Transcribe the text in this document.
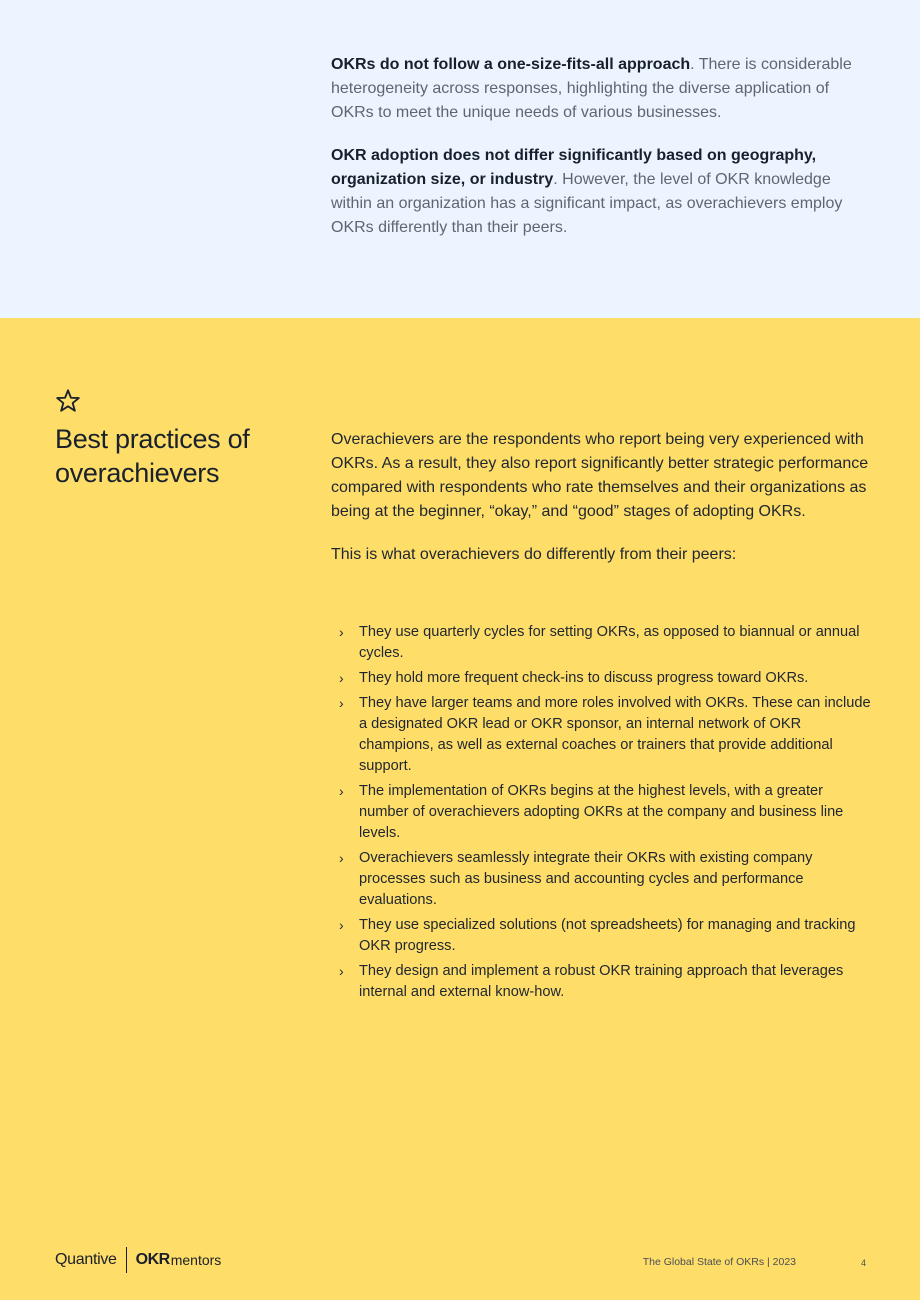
OKRs do not follow a one-size-fits-all approach. There is considerable heterogeneity across responses, highlighting the diverse application of OKRs to meet the unique needs of various businesses.

OKR adoption does not differ significantly based on geography, organization size, or industry. However, the level of OKR knowledge within an organization has a significant impact, as overachievers employ OKRs differently than their peers.

Best practices of overachievers

Overachievers are the respondents who report being very experienced with OKRs. As a result, they also report significantly better strategic performance compared with respondents who rate themselves and their organizations as being at the beginner, “okay,” and “good” stages of adopting OKRs.

This is what overachievers do differently from their peers:

› They use quarterly cycles for setting OKRs, as opposed to biannual or annual cycles.
› They hold more frequent check-ins to discuss progress toward OKRs.
› They have larger teams and more roles involved with OKRs. These can include a designated OKR lead or OKR sponsor, an internal network of OKR champions, as well as external coaches or trainers that provide additional support.
› The implementation of OKRs begins at the highest levels, with a greater number of overachievers adopting OKRs at the company and business line levels.
› Overachievers seamlessly integrate their OKRs with existing company processes such as business and accounting cycles and performance evaluations.
› They use specialized solutions (not spreadsheets) for managing and tracking OKR progress.
› They design and implement a robust OKR training approach that leverages internal and external know-how.
Quantive OKR mentors	The Global State of OKRs | 2023	4
